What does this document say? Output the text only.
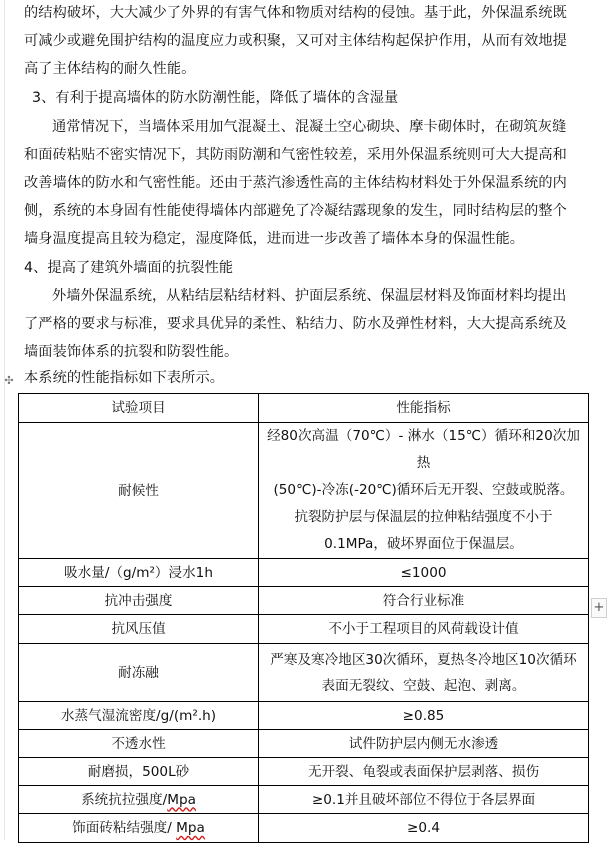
的结构破坏，大大减少了外界的有害气体和物质对结构的侵蚀。基于此，外保温系统既

可减少或避免围护结构的温度应力或积聚，又可对主体结构起保护作用，从而有效地提

高了主体结构的耐久性能。

3、有利于提高墙体的防水防潮性能，降低了墙体的含湿量

通常情况下，当墙体采用加气混凝土、混凝土空心砌块、摩卡砌体时，在砌筑灰缝

和面砖粘贴不密实情况下，其防雨防潮和气密性较差，采用外保温系统则可大大提高和

改善墙体的防水和气密性能。还由于蒸汽渗透性高的主体结构材料处于外保温系统的内

侧，系统的本身固有性能使得墙体内部避免了冷凝结露现象的发生，同时结构层的整个

墙身温度提高且较为稳定，湿度降低，进而进一步改善了墙体本身的保温性能。

4、提高了建筑外墙面的抗裂性能

外墙外保温系统，从粘结层粘结材料、护面层系统、保温层材料及饰面材料均提出

了严格的要求与标准，要求具优异的柔性、粘结力、防水及弹性材料，大大提高系统及

墙面装饰体系的抗裂和防裂性能。

本系统的性能指标如下表所示。

✣
+
试验项目	性能指标
耐候性	经80次高温（70℃）- 淋水（15℃）循环和20次加热
(50℃)-冷冻(-20℃)循环后无开裂、空鼓或脱落。
抗裂防护层与保温层的拉伸粘结强度不小于
0.1MPa，破坏界面位于保温层。

吸水量/（g/m²）浸水1h	≤1000
抗冲击强度	符合行业标准
抗风压值	不小于工程项目的风荷载设计值
耐冻融	严寒及寒冷地区30次循环，夏热冬冷地区10次循环
表面无裂纹、空鼓、起泡、剥离。

水蒸气湿流密度/g/(m².h)	≥0.85
不透水性	试件防护层内侧无水渗透
耐磨损，500L砂	无开裂、龟裂或表面保护层剥落、损伤
系统抗拉强度/Mpa	≥0.1并且破坏部位不得位于各层界面
饰面砖粘结强度/ Mpa	≥0.4
